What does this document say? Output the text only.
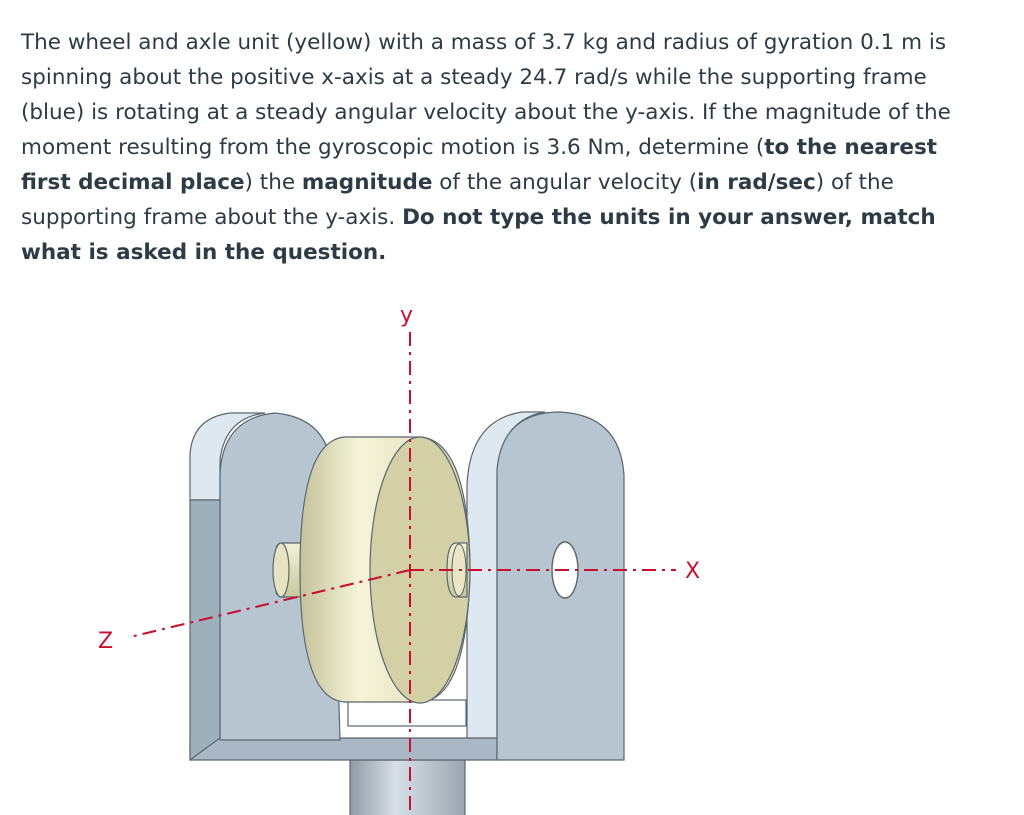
The wheel and axle unit (yellow) with a mass of 3.7 kg and radius of gyration 0.1 m is spinning about the positive x-axis at a steady 24.7 rad/s while the supporting frame (blue) is rotating at a steady angular velocity about the y-axis. If the magnitude of the moment resulting from the gyroscopic motion is 3.6 Nm, determine (to the nearest first decimal place) the magnitude of the angular velocity (in rad/sec) of the supporting frame about the y-axis. Do not type the units in your answer, match what is asked in the question.

y
X
Z
